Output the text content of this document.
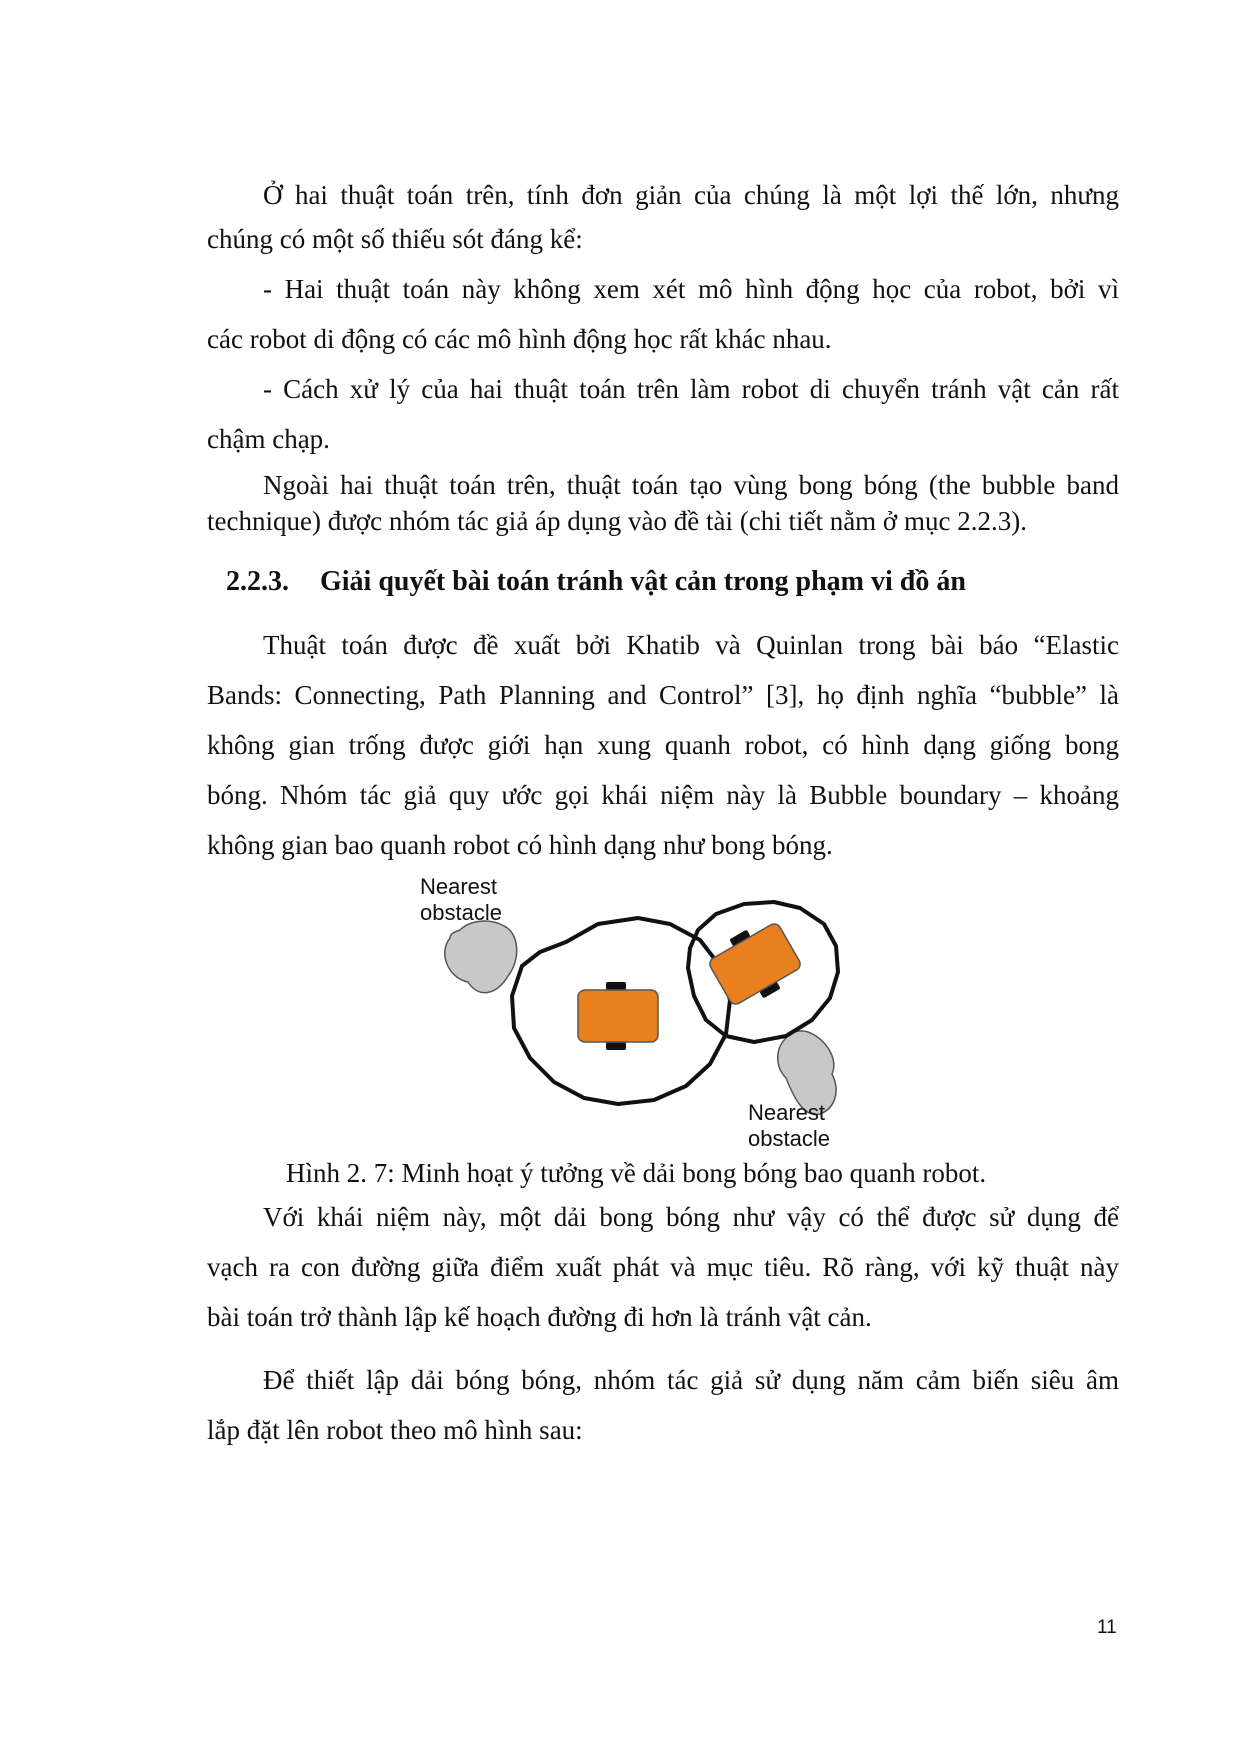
Ở hai thuật toán trên, tính đơn giản của chúng là một lợi thế lớn, nhưng

chúng có một số thiếu sót đáng kể:

- Hai thuật toán này không xem xét mô hình động học của robot, bởi vì

các robot di động có các mô hình động học rất khác nhau.

- Cách xử lý của hai thuật toán trên làm robot di chuyển tránh vật cản rất

chậm chạp.

Ngoài hai thuật toán trên, thuật toán tạo vùng bong bóng (the bubble band

technique) được nhóm tác giả áp dụng vào đề tài (chi tiết nằm ở mục 2.2.3).

2.2.3. Giải quyết bài toán tránh vật cản trong phạm vi đồ án

Thuật toán được đề xuất bởi Khatib và Quinlan trong bài báo “Elastic

Bands: Connecting, Path Planning and Control” [3], họ định nghĩa “bubble” là

không gian trống được giới hạn xung quanh robot, có hình dạng giống bong

bóng. Nhóm tác giả quy ước gọi khái niệm này là Bubble boundary – khoảng

không gian bao quanh robot có hình dạng như bong bóng.

Nearest
obstacle
Nearest
obstacle
Hình 2. 7: Minh hoạt ý tưởng về dải bong bóng bao quanh robot.

Với khái niệm này, một dải bong bóng như vậy có thể được sử dụng để

vạch ra con đường giữa điểm xuất phát và mục tiêu. Rõ ràng, với kỹ thuật này

bài toán trở thành lập kế hoạch đường đi hơn là tránh vật cản.

Để thiết lập dải bóng bóng, nhóm tác giả sử dụng năm cảm biến siêu âm

lắp đặt lên robot theo mô hình sau:

11
